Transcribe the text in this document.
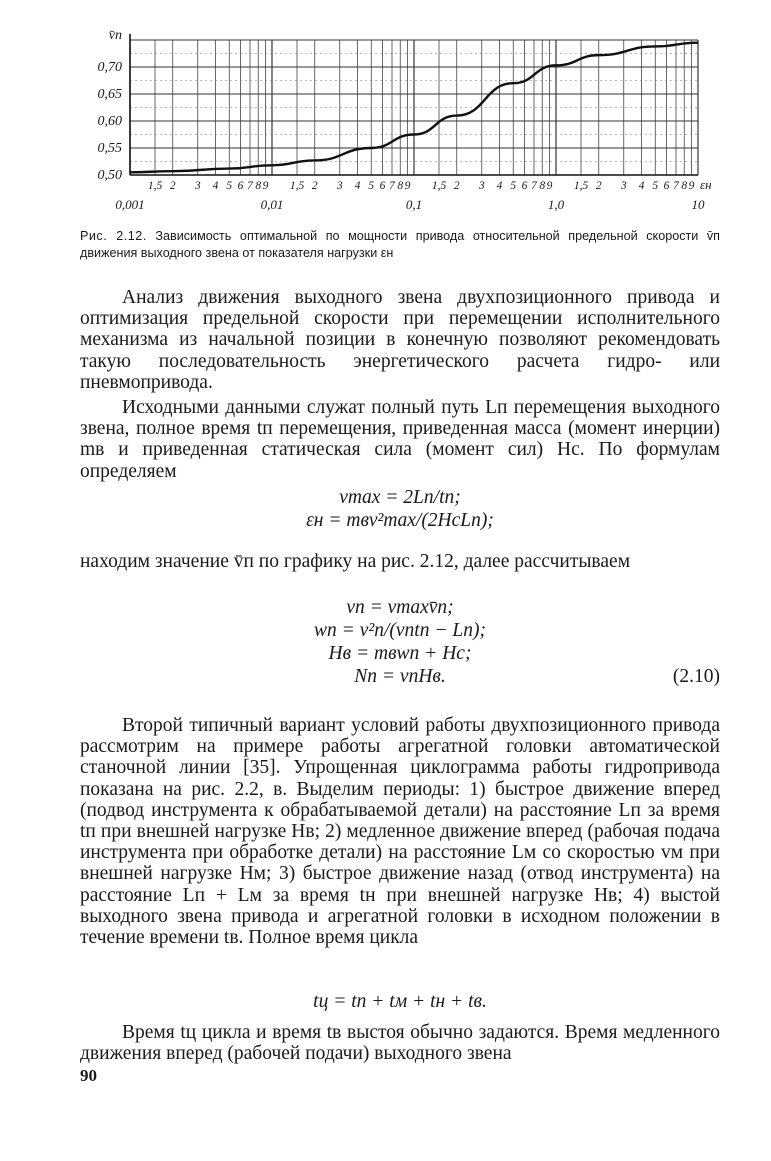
0,50
0,55
0,60
0,65
0,70
v̄п
1,5 2 3 4 5 6 7 8 9 1,5 2 3 4 5 6 7 8 9 1,5 2 3 4 5 6 7 8 9 1,5 2 3 4 5 6 7 8 9
0,001	0,01	0,1	1,0	10
εн
Рис. 2.12. Зависимость оптимальной по мощности привода относительной предельной скорости v̄п движения выходного звена от показателя нагрузки εн

Анализ движения выходного звена двухпозиционного привода и оптимизация предельной скорости при перемещении исполнительного механизма из начальной позиции в конечную позволяют рекомендовать такую последовательность энергетического расчета гидро- или пневмопривода.

Исходными данными служат полный путь Lп перемещения выходного звена, полное время tп перемещения, приведенная масса (момент инерции) mв и приведенная статическая сила (момент сил) Hс. По формулам определяем

vmax = 2Lп/tп;
εн = mвv²max/(2HсLп);

находим значение v̄п по графику на рис. 2.12, далее рассчитываем

vп = vmaxv̄п;
wп = v²п/(vпtп − Lп);
Hв = mвwп + Hс;
Nп = vпHв.	(2.10)

Второй типичный вариант условий работы двухпозиционного привода рассмотрим на примере работы агрегатной головки автоматической станочной линии [35]. Упрощенная циклограмма работы гидропривода показана на рис. 2.2, в. Выделим периоды: 1) быстрое движение вперед (подвод инструмента к обрабатываемой детали) на расстояние Lп за время tп при внешней нагрузке Hв; 2) медленное движение вперед (рабочая подача инструмента при обработке детали) на расстояние Lм со скоростью vм при внешней нагрузке Hм; 3) быстрое движение назад (отвод инструмента) на расстояние Lп + Lм за время tн при внешней нагрузке Hв; 4) выстой выходного звена привода и агрегатной головки в исходном положении в течение времени tв. Полное время цикла

tц = tп + tм + tн + tв.

Время tц цикла и время tв выстоя обычно задаются. Время медленного движения вперед (рабочей подачи) выходного звена

90
